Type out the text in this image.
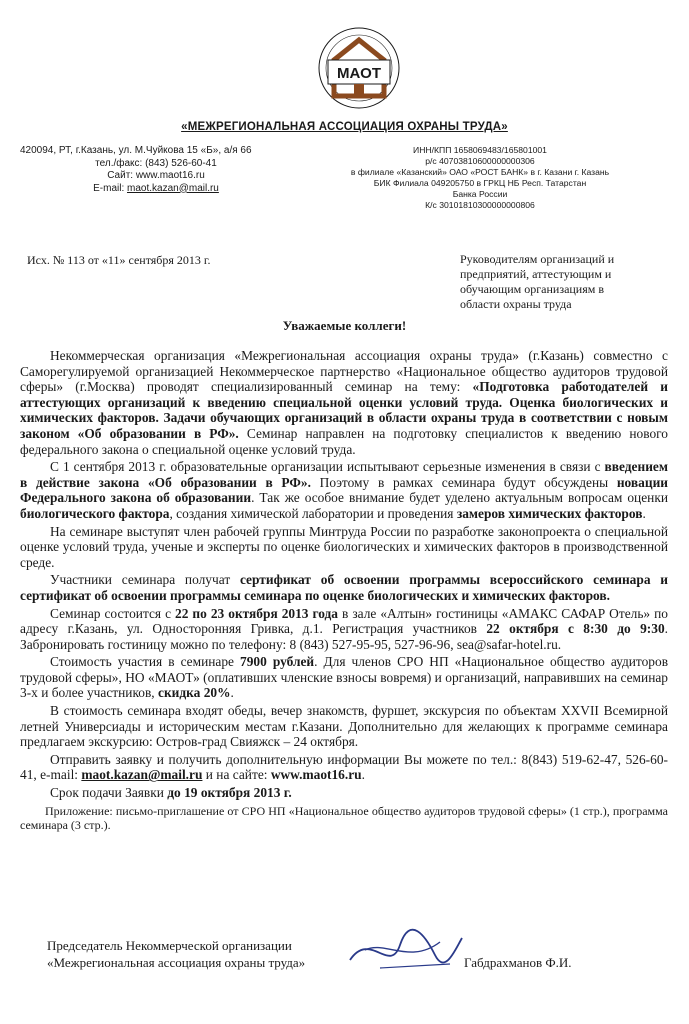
МАОТ
«МЕЖРЕГИОНАЛЬНАЯ АССОЦИАЦИЯ ОХРАНЫ ТРУДА»
420094, РТ, г.Казань, ул. М.Чуйкова 15 «Б», а/я 66
тел./факс: (843) 526-60-41
Сайт: www.maot16.ru
E-mail: maot.kazan@mail.ru
ИНН/КПП 1658069483/165801001
р/с 40703810600000000306
в филиале «Казанский» ОАО «РОСТ БАНК» в г. Казани г. Казань
БИК Филиала 049205750 в ГРКЦ НБ Респ. Татарстан
Банка России
К/с 30101810300000000806
Исх. № 113 от «11» сентября 2013 г.	Руководителям организаций и
предприятий, аттестующим и
обучающим организациям в
области охраны труда
Уважаемые коллеги!

Некоммерческая организация «Межрегиональная ассоциация охраны труда» (г.Казань) совместно с Саморегулируемой организацией Некоммерческое партнерство «Национальное общество аудиторов трудовой сферы» (г.Москва) проводят специализированный семинар на тему: «Подготовка работодателей и аттестующих организаций к введению специальной оценки условий труда. Оценка биологических и химических факторов. Задачи обучающих организаций в области охраны труда в соответствии с новым законом «Об образовании в РФ». Семинар направлен на подготовку специалистов к введению нового федерального закона о специальной оценке условий труда.

С 1 сентября 2013 г. образовательные организации испытывают серьезные изменения в связи с введением в действие закона «Об образовании в РФ». Поэтому в рамках семинара будут обсуждены новации Федерального закона об образовании. Так же особое внимание будет уделено актуальным вопросам оценки биологического фактора, создания химической лаборатории и проведения замеров химических факторов.

На семинаре выступят член рабочей группы Минтруда России по разработке законопроекта о специальной оценке условий труда, ученые и эксперты по оценке биологических и химических факторов в производственной среде.

Участники семинара получат сертификат об освоении программы всероссийского семинара и сертификат об освоении программы семинара по оценке биологических и химических факторов.

Семинар состоится с 22 по 23 октября 2013 года в зале «Алтын» гостиницы «АМАКС САФАР Отель» по адресу г.Казань, ул. Односторонняя Гривка, д.1. Регистрация участников 22 октября с 8:30 до 9:30. Забронировать гостиницу можно по телефону: 8 (843) 527-95-95, 527-96-96, sea@safar-hotel.ru.

Стоимость участия в семинаре 7900 рублей. Для членов СРО НП «Национальное общество аудиторов трудовой сферы», НО «МАОТ» (оплативших членские взносы вовремя) и организаций, направивших на семинар 3-х и более участников, скидка 20%.

В стоимость семинара входят обеды, вечер знакомств, фуршет, экскурсия по объектам XXVII Всемирной летней Универсиады и историческим местам г.Казани. Дополнительно для желающих к программе семинара предлагаем экскурсию: Остров-град Свияжск – 24 октября.

Отправить заявку и получить дополнительную информации Вы можете по тел.: 8(843) 519-62-47, 526-60-41, e-mail: maot.kazan@mail.ru и на сайте: www.maot16.ru.

Срок подачи Заявки до 19 октября 2013 г.

Приложение: письмо-приглашение от СРО НП «Национальное общество аудиторов трудовой сферы» (1 стр.), программа семинара (3 стр.).

Председатель Некоммерческой организации
«Межрегиональная ассоциация охраны труда»	Габдрахманов Ф.И.
